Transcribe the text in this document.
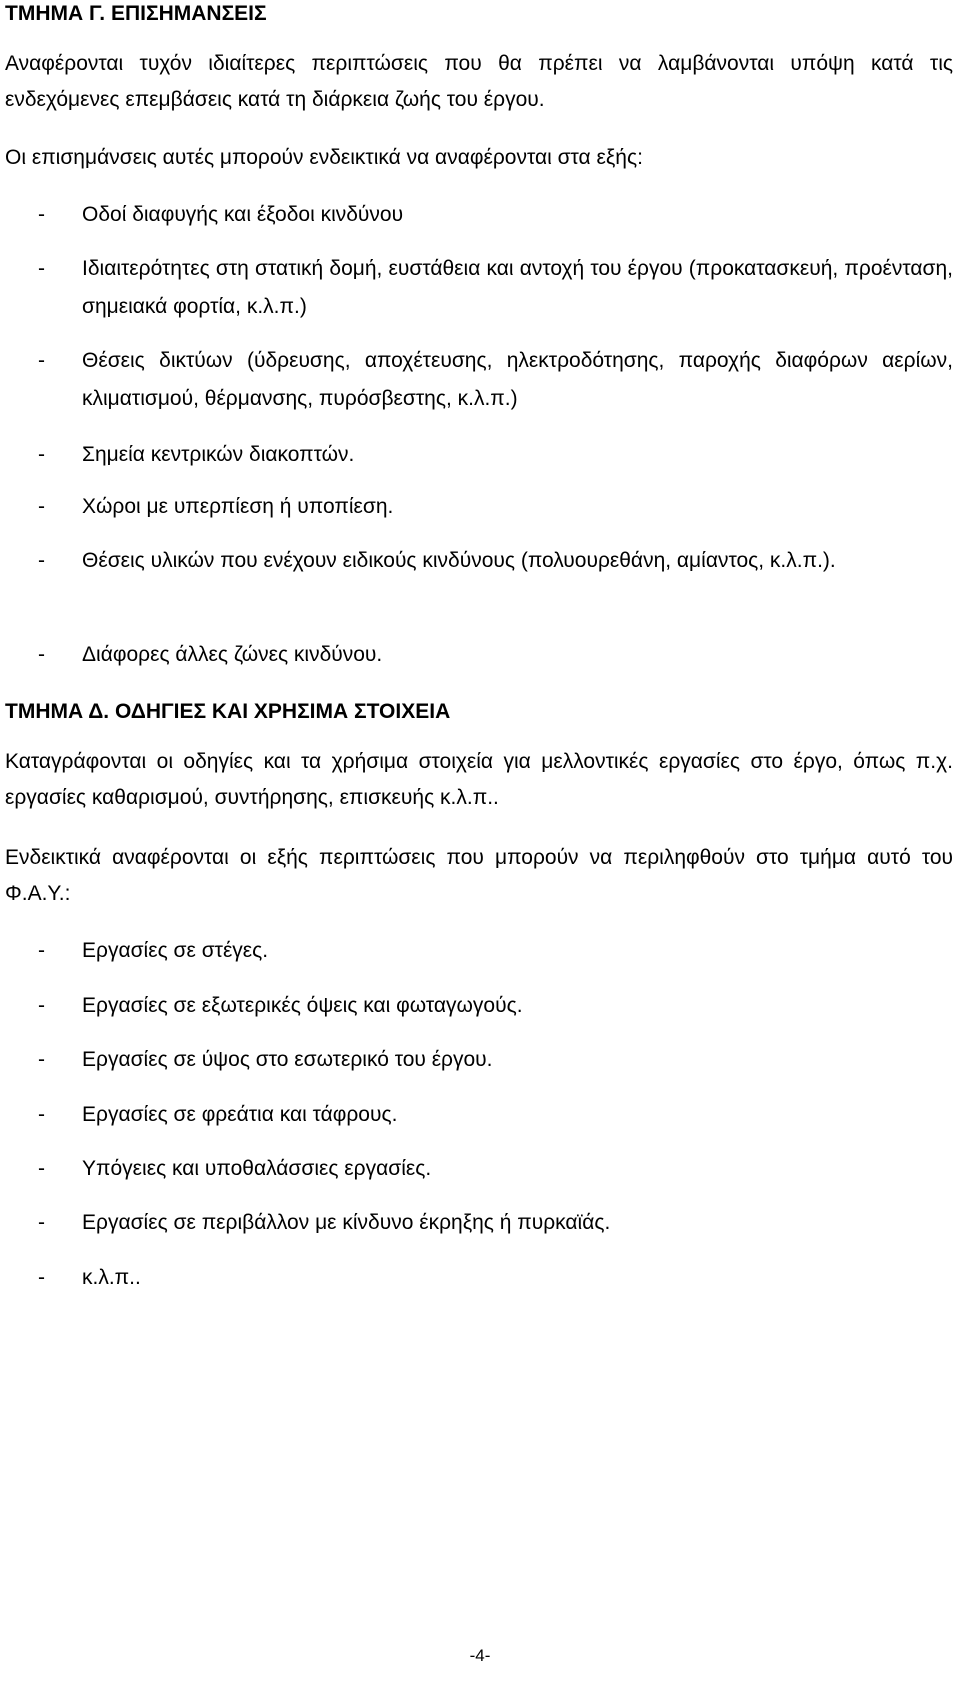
ΤΜΗΜΑ Γ. ΕΠΙΣΗΜΑΝΣΕΙΣ

Αναφέρονται τυχόν ιδιαίτερες περιπτώσεις που θα πρέπει να λαμβάνονται υπόψη κατά τις ενδεχόμενες επεμβάσεις κατά τη διάρκεια ζωής του έργου.

Οι επισημάνσεις αυτές μπορούν ενδεικτικά να αναφέρονται στα εξής:

- Οδοί διαφυγής και έξοδοι κινδύνου
- Ιδιαιτερότητες στη στατική δομή, ευστάθεια και αντοχή του έργου (προκατασκευή, προένταση, σημειακά φορτία, κ.λ.π.)
- Θέσεις δικτύων (ύδρευσης, αποχέτευσης, ηλεκτροδότησης, παροχής διαφόρων αερίων, κλιματισμού, θέρμανσης, πυρόσβεστης, κ.λ.π.)
- Σημεία κεντρικών διακοπτών.
- Χώροι με υπερπίεση ή υποπίεση.
- Θέσεις υλικών που ενέχουν ειδικούς κινδύνους (πολυουρεθάνη, αμίαντος, κ.λ.π.).
- Διάφορες άλλες ζώνες κινδύνου.
ΤΜΗΜΑ Δ. ΟΔΗΓΙΕΣ ΚΑΙ ΧΡΗΣΙΜΑ ΣΤΟΙΧΕΙΑ

Καταγράφονται οι οδηγίες και τα χρήσιμα στοιχεία για μελλοντικές εργασίες στο έργο, όπως π.χ. εργασίες καθαρισμού, συντήρησης, επισκευής κ.λ.π..

Ενδεικτικά αναφέρονται οι εξής περιπτώσεις που μπορούν να περιληφθούν στο τμήμα αυτό του Φ.Α.Υ.:

- Εργασίες σε στέγες.
- Εργασίες σε εξωτερικές όψεις και φωταγωγούς.
- Εργασίες σε ύψος στο εσωτερικό του έργου.
- Εργασίες σε φρεάτια και τάφρους.
- Υπόγειες και υποθαλάσσιες εργασίες.
- Εργασίες σε περιβάλλον με κίνδυνο έκρηξης ή πυρκαϊάς.
- κ.λ.π..

-4-
